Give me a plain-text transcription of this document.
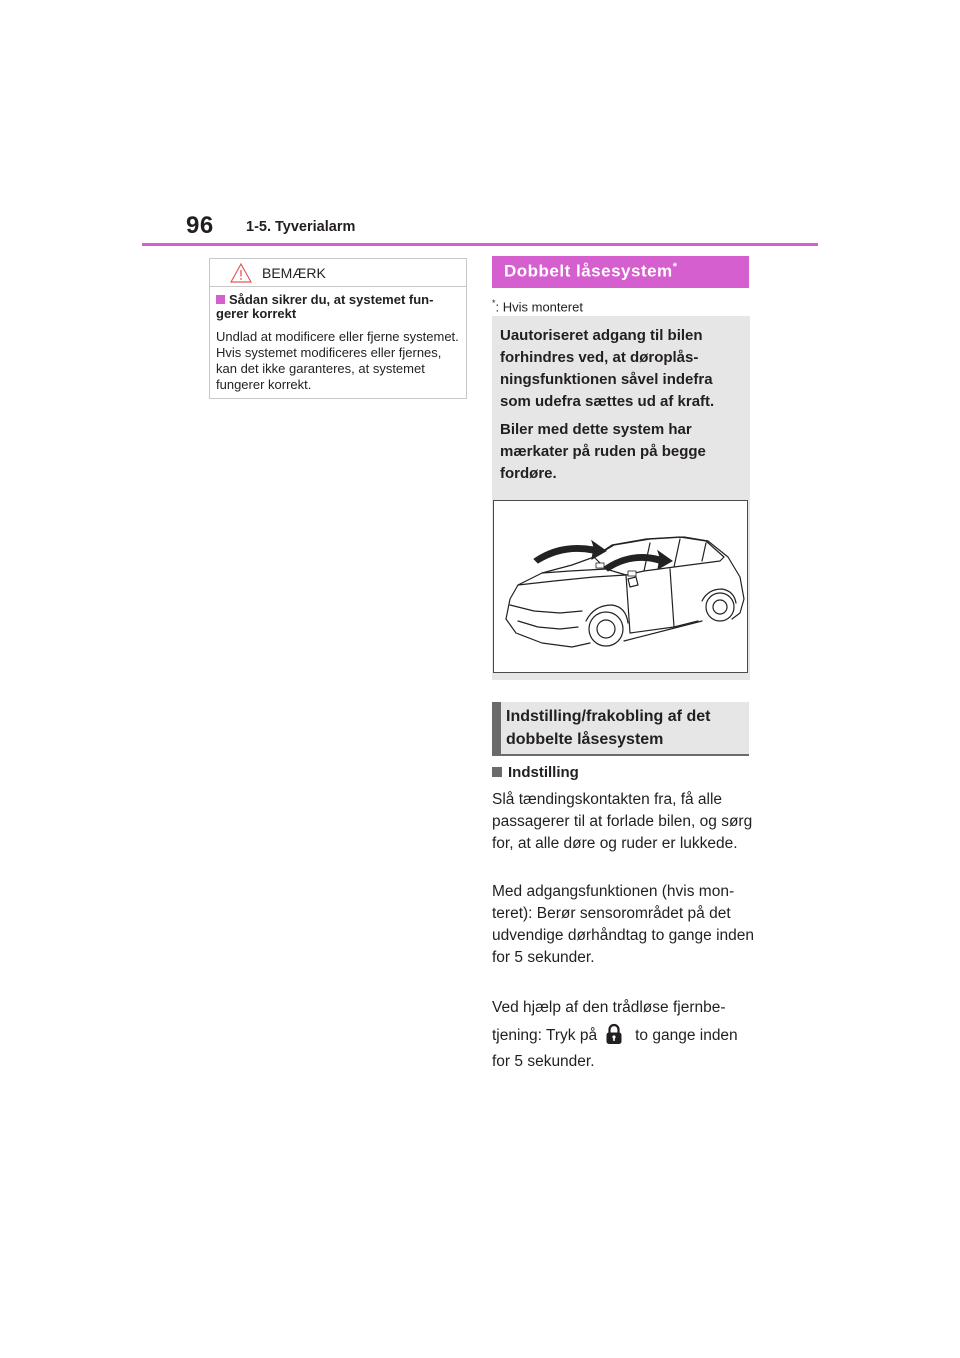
96 1-5. Tyverialarm
BEMÆRK
Sådan sikrer du, at systemet fun-gerer korrekt
Undlad at modificere eller fjerne systemet. Hvis systemet modificeres eller fjernes, kan det ikke garanteres, at systemet fungerer korrekt.
Dobbelt låsesystem*
*: Hvis monteret
Uautoriseret adgang til bilen forhindres ved, at døroplås-ningsfunktionen såvel indefra som udefra sættes ud af kraft.
Biler med dette system har mærkater på ruden på begge fordøre.
Indstilling/frakobling af det dobbelte låsesystem
Indstilling
Slå tændingskontakten fra, få alle passagerer til at forlade bilen, og sørg for, at alle døre og ruder er lukkede.
Med adgangsfunktionen (hvis mon-teret): Berør sensorområdet på det udvendige dørhåndtag to gange inden for 5 sekunder.
Ved hjælp af den trådløse fjernbe-
tjening: Tryk på to gange inden
for 5 sekunder.
